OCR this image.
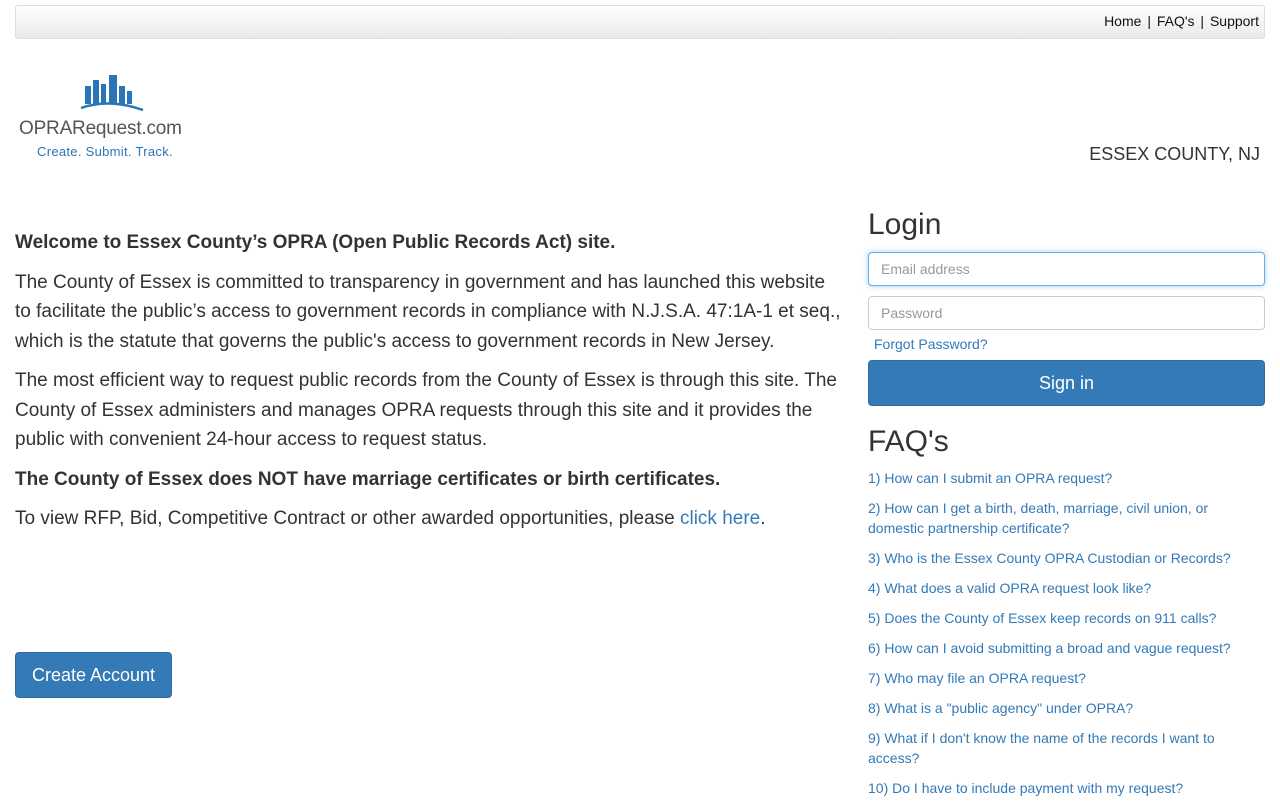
Home | FAQ's | Support
OPRARequest.com
Create. Submit. Track.	ESSEX COUNTY, NJ

Welcome to Essex County’s OPRA (Open Public Records Act) site.

The County of Essex is committed to transparency in government and has launched this website to facilitate the public’s access to government records in compliance with N.J.S.A. 47:1A-1 et seq., which is the statute that governs the public's access to government records in New Jersey.

The most efficient way to request public records from the County of Essex is through this site. The County of Essex administers and manages OPRA requests through this site and it provides the public with convenient 24-hour access to request status.

The County of Essex does NOT have marriage certificates or birth certificates.

To view RFP, Bid, Competitive Contract or other awarded opportunities, please click here.

Create Account
Login
Email address
Forgot Password?
Sign in
FAQ's
1) How can I submit an OPRA request?
2) How can I get a birth, death, marriage, civil union, or domestic partnership certificate?
3) Who is the Essex County OPRA Custodian or Records?
4) What does a valid OPRA request look like?
5) Does the County of Essex keep records on 911 calls?
6) How can I avoid submitting a broad and vague request?
7) Who may file an OPRA request?
8) What is a "public agency" under OPRA?
9) What if I don't know the name of the records I want to access?
10) Do I have to include payment with my request?
